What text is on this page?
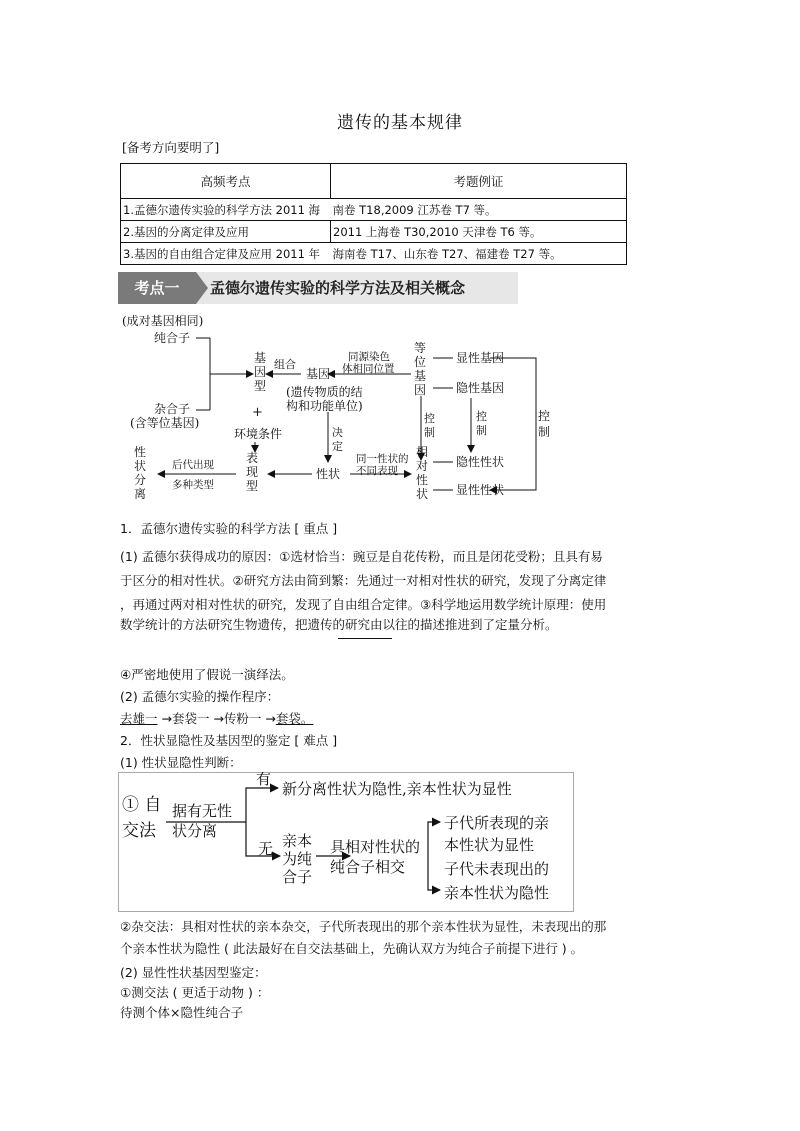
遗传的基本规律
[备考方向要明了]
高频考点	考题例证
1.孟德尔遗传实验的科学方法 2011 海	南卷 T18,2009 江苏卷 T7 等。
2.基因的分离定律及应用	2011 上海卷 T30,2010 天津卷 T6 等。
3.基因的自由组合定律及应用 2011 年	海南卷 T17、山东卷 T27、福建卷 T27 等。
考点一	孟德尔遗传实验的科学方法及相关概念
(成对基因相同)
纯合子
杂合子
(含等位基因)
基
因
型
组合
基因
同源染色
体相同位置
等
位
基
因
显性基因
隐性基因
控
制
控
制
控
制
+
环境条件
(遗传物质的结
构和功能单位)
决
定
表
现
型
后代出现
多种类型
性
状
分
离
性状
同一性状的
不同表现
相
对
性
状
隐性性状
显性性状
1．孟德尔遗传实验的科学方法 [ 重点 ]
(1) 孟德尔获得成功的原因：①选材恰当：豌豆是自花传粉，而且是闭花受粉；且具有易
于区分的相对性状。②研究方法由简到繁：先通过一对相对性状的研究，发现了分离定律
，再通过两对相对性状的研究，发现了自由组合定律。③科学地运用数学统计原理：使用
数学统计的方法研究生物遗传，把遗传的研究由以往的描述推进到了定量分析。
④严密地使用了假说一演绎法。
(2) 孟德尔实验的操作程序：
去雄一 →套袋一 →传粉一 →套袋。
2．性状显隐性及基因型的鉴定 [ 难点 ]
(1) 性状显隐性判断：
① 自
交法
据有无性
状分离
有
新分离性状为隐性,亲本性状为显性
无 亲本
为纯
合子
具相对性状的
纯合子相交
子代所表现的亲
本性状为显性
子代未表现出的
亲本性状为隐性
②杂交法：具相对性状的亲本杂交，子代所表现出的那个亲本性状为显性，未表现出的那
个亲本性状为隐性 ( 此法最好在自交法基础上，先确认双方为纯合子前提下进行 ) 。
(2) 显性性状基因型鉴定：
①测交法 ( 更适于动物 ) ：
待测个体×隐性纯合子
